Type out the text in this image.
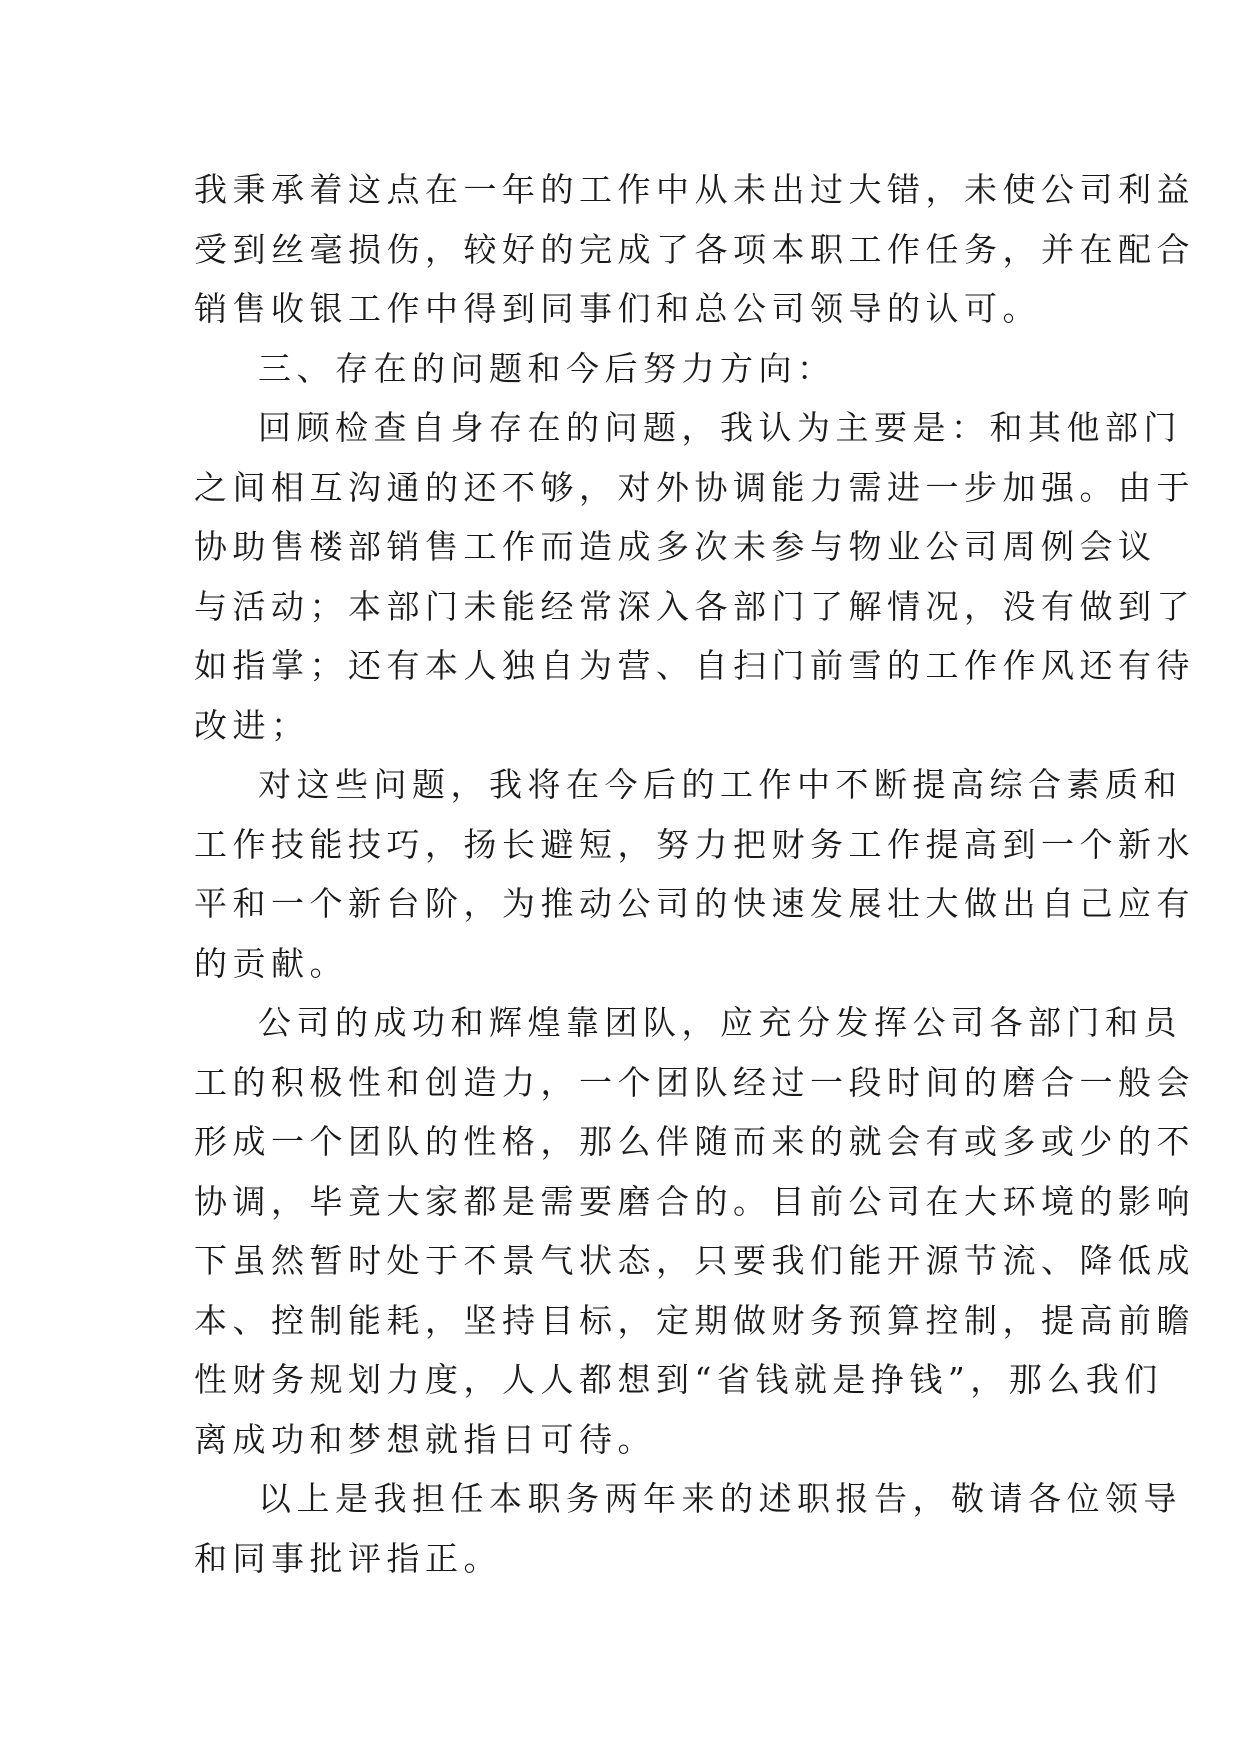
我秉承着这点在一年的工作中从未出过大错，未使公司利益
受到丝毫损伤，较好的完成了各项本职工作任务，并在配合
销售收银工作中得到同事们和总公司领导的认可。
三、存在的问题和今后努力方向：
回顾检查自身存在的问题，我认为主要是：和其他部门
之间相互沟通的还不够，对外协调能力需进一步加强。由于
协助售楼部销售工作而造成多次未参与物业公司周例会议
与活动；本部门未能经常深入各部门了解情况，没有做到了
如指掌；还有本人独自为营、自扫门前雪的工作作风还有待
改进；
对这些问题，我将在今后的工作中不断提高综合素质和
工作技能技巧，扬长避短，努力把财务工作提高到一个新水
平和一个新台阶，为推动公司的快速发展壮大做出自己应有
的贡献。
公司的成功和辉煌靠团队，应充分发挥公司各部门和员
工的积极性和创造力，一个团队经过一段时间的磨合一般会
形成一个团队的性格，那么伴随而来的就会有或多或少的不
协调，毕竟大家都是需要磨合的。目前公司在大环境的影响
下虽然暂时处于不景气状态，只要我们能开源节流、降低成
本、控制能耗，坚持目标，定期做财务预算控制，提高前瞻
性财务规划力度，人人都想到“省钱就是挣钱”，那么我们
离成功和梦想就指日可待。
以上是我担任本职务两年来的述职报告，敬请各位领导
和同事批评指正。
